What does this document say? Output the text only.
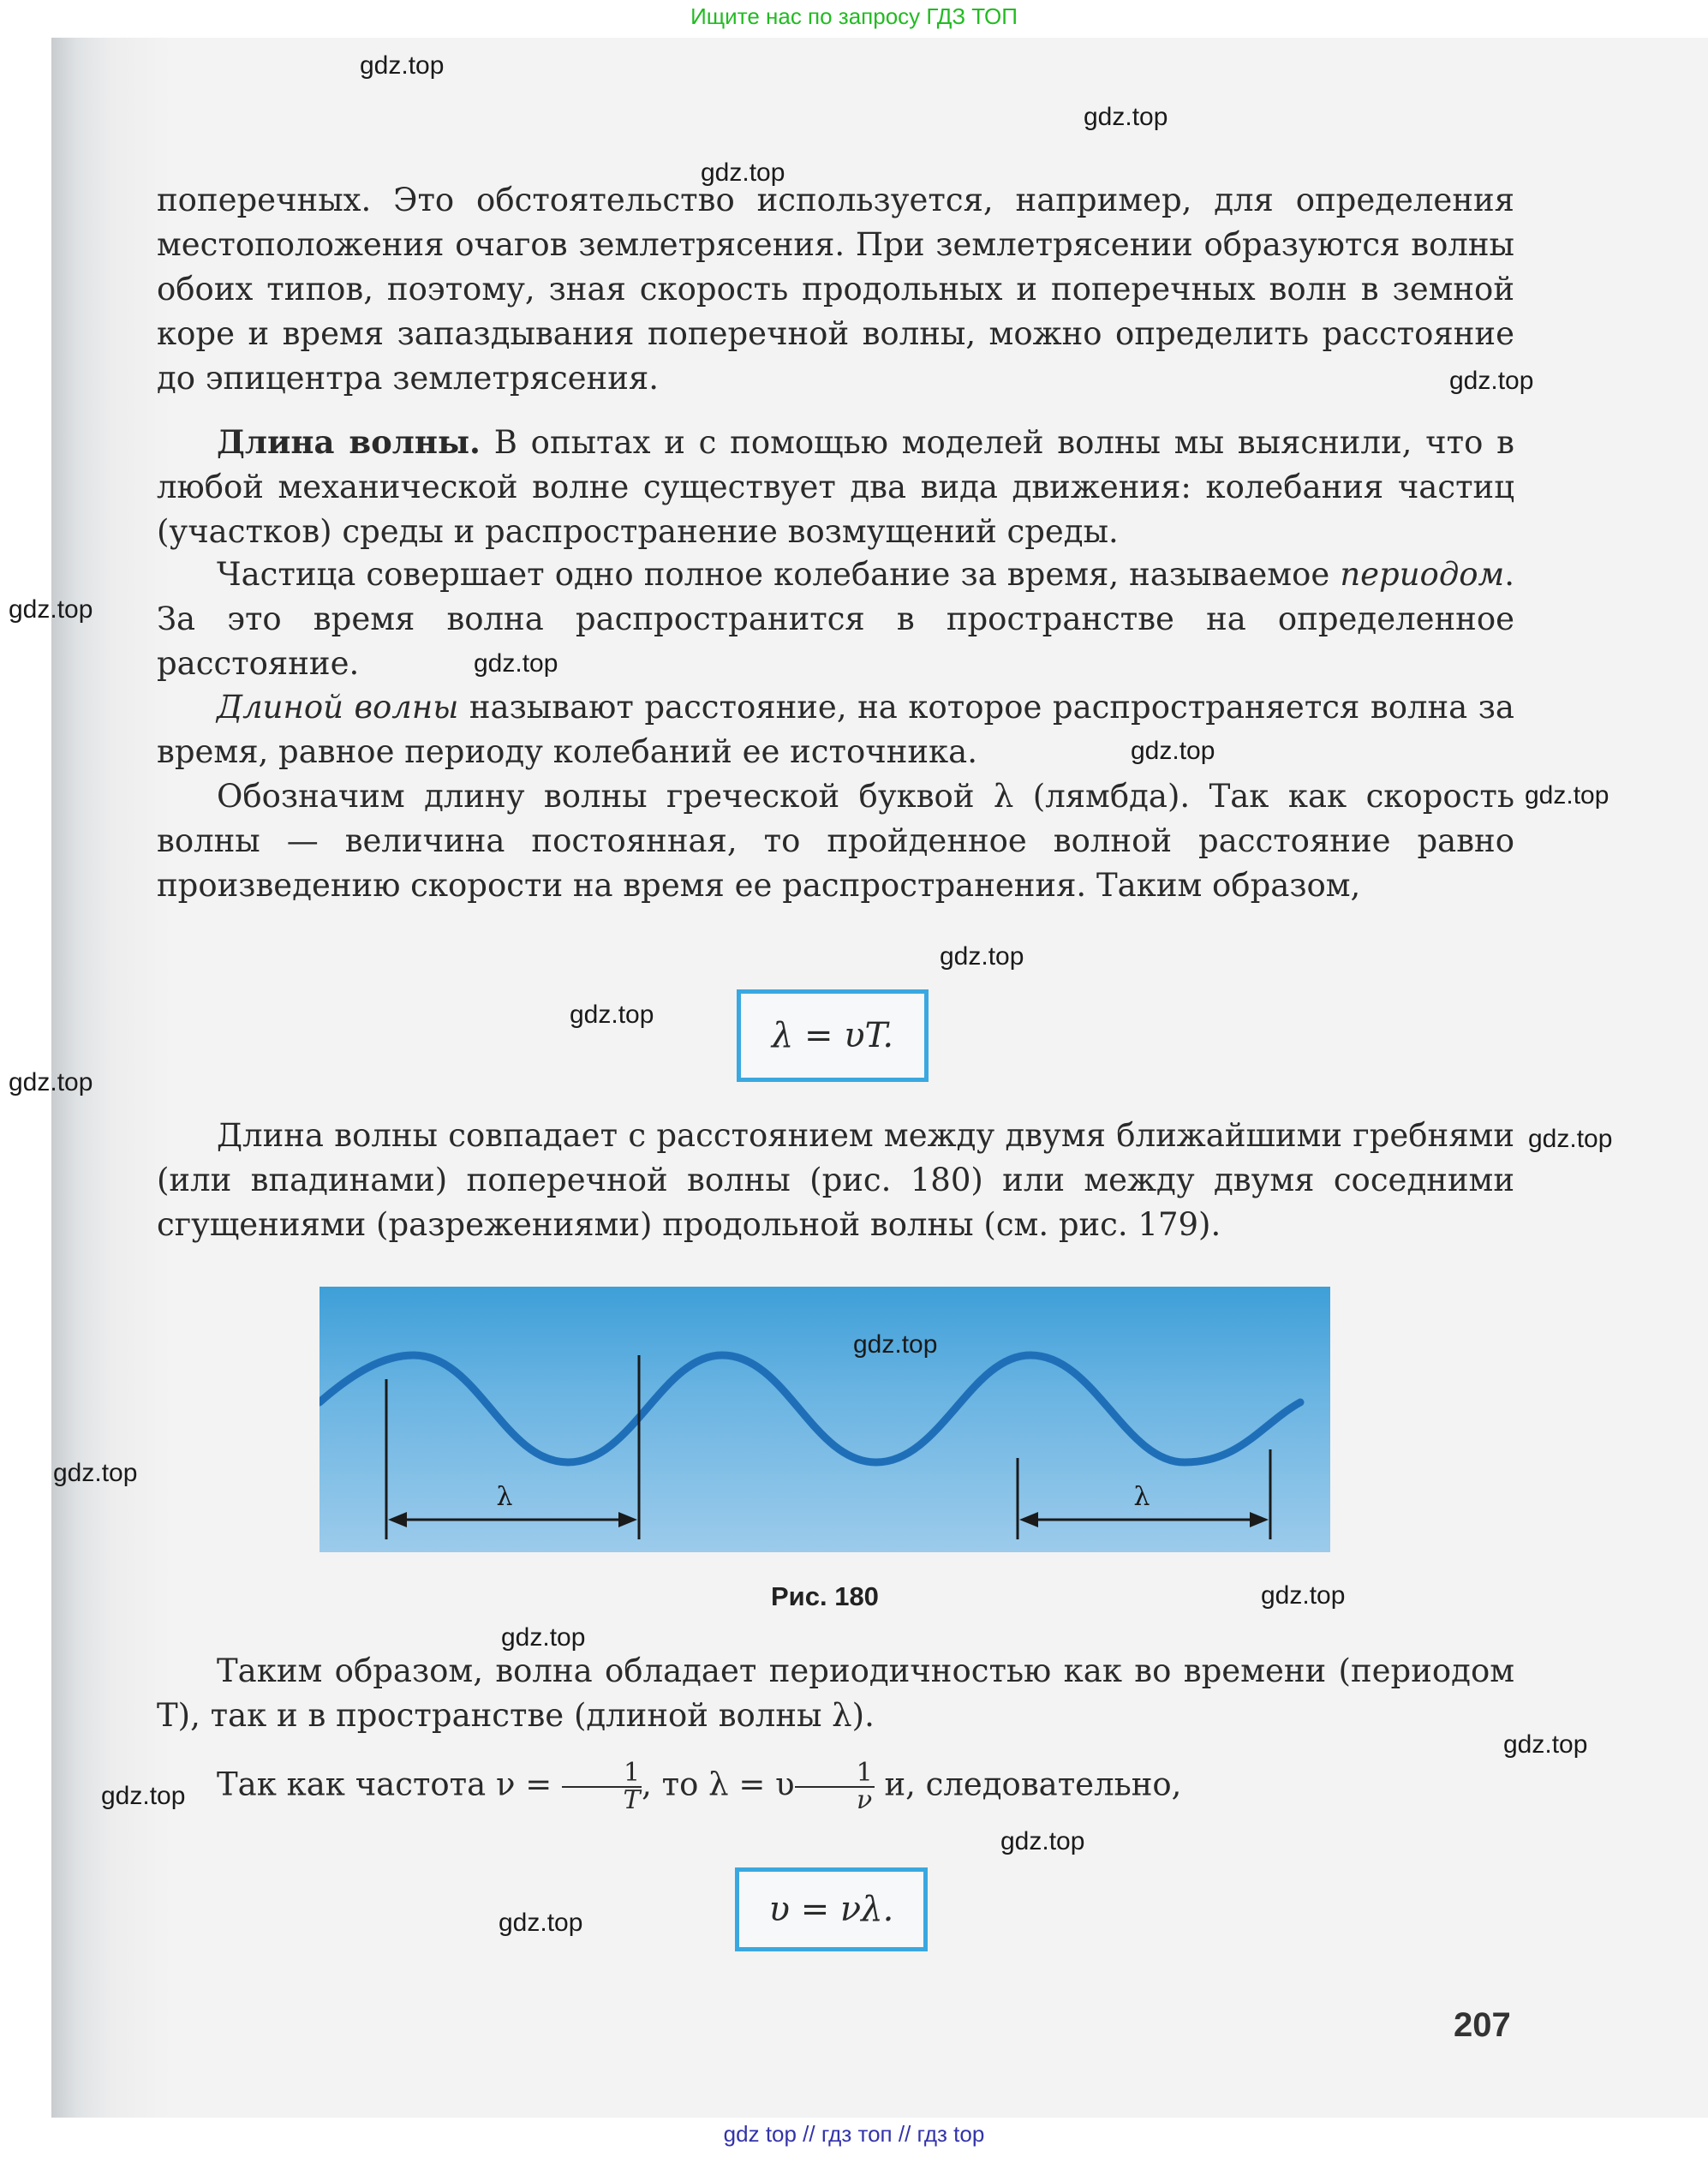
Ищите нас по запросу ГДЗ ТОП

поперечных. Это обстоятельство используется, например, для определения местоположения очагов землетрясения. При землетрясении образуются волны обоих типов, поэтому, зная скорость продольных и поперечных волн в земной коре и время запаздывания поперечной волны, можно определить расстояние до эпицентра землетрясения.

Длина волны. В опытах и с помощью моделей волны мы выяснили, что в любой механической волне существует два вида движения: колебания частиц (участков) среды и распространение возмущений среды.

Частица совершает одно полное колебание за время, называемое периодом. За это время волна распространится в пространстве на определенное расстояние.

Длиной волны называют расстояние, на которое распространяется волна за время, равное периоду колебаний ее источника.

Обозначим длину волны греческой буквой λ (лямбда). Так как скорость волны — величина постоянная, то пройденное волной расстояние равно произведению скорости на время ее распространения. Таким образом,

λ = υT.

Длина волны совпадает с расстоянием между двумя ближайшими гребнями (или впадинами) поперечной волны (рис. 180) или между двумя соседними сгущениями (разрежениями) продольной волны (см. рис. 179).

λ	λ
Рис. 180

Таким образом, волна обладает периодичностью как во времени (периодом T), так и в пространстве (длиной волны λ).

Так как частота $\nu = \frac{1}{T}$ , то λ = υ $\frac{1}{\nu} и$, следовательно,

υ = νλ.
207
gdz.top
gdz.top
gdz.top
gdz.top
gdz.top
gdz.top
gdz.top
gdz.top
gdz.top
gdz.top
gdz.top
gdz.top
gdz.top
gdz.top
gdz.top
gdz.top
gdz.top
gdz.top
gdz.top
gdz.top
gdz top // гдз топ // гдз top
